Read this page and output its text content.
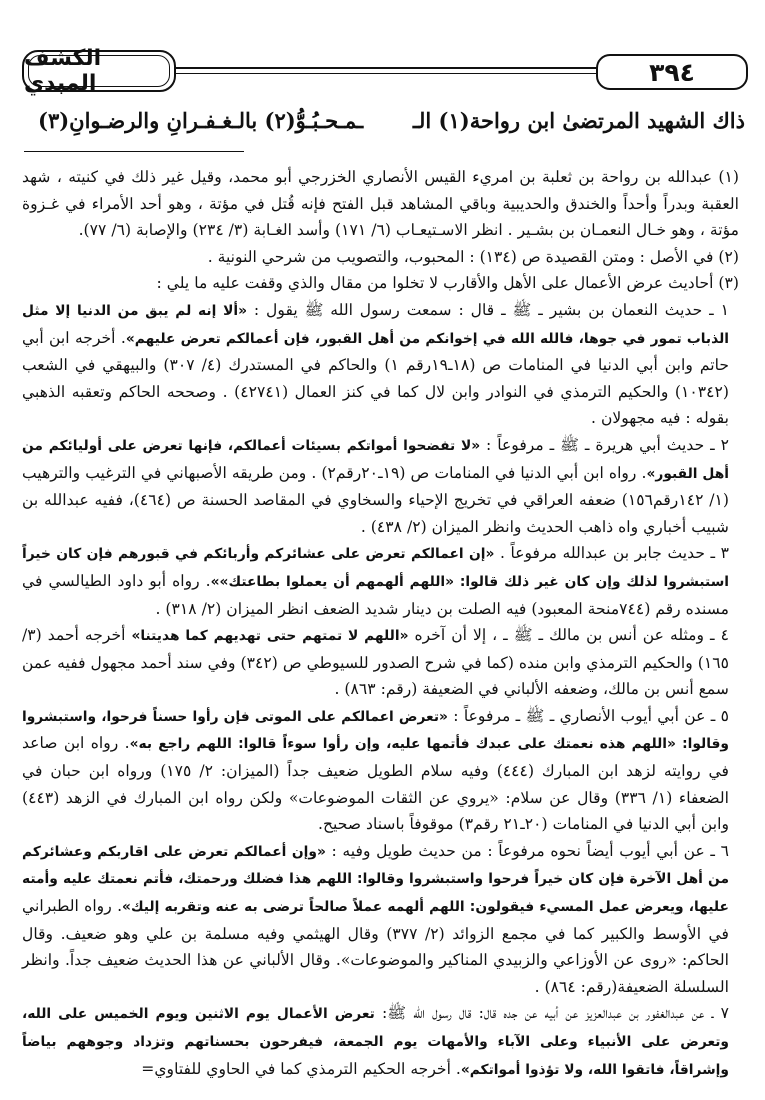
الكشف المبدي	٣٩٤
ذاك الشهيد المرتضىٰ ابن رواحة(١) الـ
ـمـحـبُـوُّ(٢) بالـغـفـرانِ والرضـوانِ(٣)

(١) عبدالله بن رواحة بن ثعلبة بن امريء القيس الأنصاري الخزرجي أبو محمد، وقيل غير ذلك في كنيته ، شهد العقبة وبدراً وأحداً والخندق والحديبية وباقي المشاهد قبل الفتح فإنه قُتل في مؤتة ، وهو أحد الأمراء في غـزوة مؤتة ، وهو خـال النعمـان بن بشـير . انظر الاسـتيعـاب (٦/ ١٧١) وأسد الغـابة (٣/ ٢٣٤) والإصابة (٦/ ٧٧).

(٢) في الأصل : ومتن القصيدة ص (١٣٤) : المحبوب، والتصويب من شرحي النونية .

(٣) أحاديث عرض الأعمال على الأهل والأقارب لا تخلوا من مقال والذي وقفت عليه ما يلي :

١ ـ حديث النعمان بن بشير ـ ﷺ ـ قال : سمعت رسول الله ﷺ يقول : «ألا إنه لم يبق من الدنيا إلا مثل الذباب تمور في جوها، فالله الله في إخوانكم من أهل القبور، فإن أعمالكم تعرض عليهم». أخرجه ابن أبي حاتم وابن أبي الدنيا في المنامات ص (١٨ـ١٩رقم ١) والحاكم في المستدرك (٤/ ٣٠٧) والبيهقي في الشعب (١٠٣٤٢) والحكيم الترمذي في النوادر وابن لال كما في كنز العمال (٤٢٧٤١) . وصححه الحاكم وتعقبه الذهبي بقوله : فيه مجهولان .

٢ ـ حديث أبي هريرة ـ ﷺ ـ مرفوعاً : «لا تفضحوا أمواتكم بسيئات أعمالكم، فإنها تعرض على أوليائكم من أهل القبور». رواه ابن أبي الدنيا في المنامات ص (١٩ـ٢٠رقم٢) . ومن طريقه الأصبهاني في الترغيب والترهيب (١/ ١٤٢رقم١٥٦) ضعفه العراقي في تخريج الإحياء والسخاوي في المقاصد الحسنة ص (٤٦٤)، ففيه عبدالله بن شبيب أخباري واه ذاهب الحديث وانظر الميزان (٢/ ٤٣٨) .

٣ ـ حديث جابر بن عبدالله مرفوعاً . «إن اعمالكم تعرض على عشائركم وأربائكم في قبورهم فإن كان خيراً استبشروا لذلك وإن كان غير ذلك قالوا: «اللهم ألهمهم أن يعملوا بطاعتك»». رواه أبو داود الطيالسي في مسنده رقم (٧٤٤منحة المعبود) فيه الصلت بن دينار شديد الضعف انظر الميزان (٢/ ٣١٨) .

٤ ـ ومثله عن أنس بن مالك ـ ﷺ ـ ، إلا أن آخره «اللهم لا تمتهم حتى تهديهم كما هديتنا» أخرجه أحمد (٣/ ١٦٥) والحكيم الترمذي وابن منده (كما في شرح الصدور للسيوطي ص (٣٤٢) وفي سند أحمد مجهول ففيه عمن سمع أنس بن مالك، وضعفه الألباني في الضعيفة (رقم: ٨٦٣) .

٥ ـ عن أبي أيوب الأنصاري ـ ﷺ ـ مرفوعاً : «تعرض اعمالكم على الموتى فإن رأوا حسناً فرحوا، واستبشروا وقالوا: «اللهم هذه نعمتك على عبدك فأتمها عليه، وإن رأوا سوءاً قالوا: اللهم راجع به». رواه ابن صاعد في روايته لزهد ابن المبارك (٤٤٤) وفيه سلام الطويل ضعيف جداً (الميزان: ٢/ ١٧٥) ورواه ابن حبان في الضعفاء (١/ ٣٣٦) وقال عن سلام: «يروي عن الثقات الموضوعات» ولكن رواه ابن المبارك في الزهد (٤٤٣) وابن أبي الدنيا في المنامات (٢٠ـ٢١ رقم٣) موقوفاً باسناد صحيح.

٦ ـ عن أبي أيوب أيضاً نحوه مرفوعاً : من حديث طويل وفيه : «وإن أعمالكم تعرض على اقاربكم وعشائركم من أهل الآخرة فإن كان خيراً فرحوا واستبشروا وقالوا: اللهم هذا فضلك ورحمتك، فأتم نعمتك عليه وأمته عليها، ويعرض عمل المسيء فيقولون: اللهم ألهمه عملاً صالحاً ترضى به عنه وتقربه إليك». رواه الطبراني في الأوسط والكبير كما في مجمع الزوائد (٢/ ٣٧٧) وقال الهيثمي وفيه مسلمة بن علي وهو ضعيف. وقال الحاكم: «روى عن الأوزاعي والزبيدي المناكير والموضوعات». وقال الألباني عن هذا الحديث ضعيف جداً. وانظر السلسلة الضعيفة(رقم: ٨٦٤) .

٧ ـ عن عبدالغفور بن عبدالعزيز عن أبيه عن جده قال: قال رسول الله ﷺ: تعرض الأعمال يوم الاثنين ويوم الخميس على الله، وتعرض على الأنبياء وعلى الآباء والأمهات يوم الجمعة، فيفرحون بحسناتهم وتزداد وجوههم بياضاً وإشراقاً، فاتقوا الله، ولا تؤذوا أمواتكم». أخرجه الحكيم الترمذي كما في الحاوي للفتاوي=
